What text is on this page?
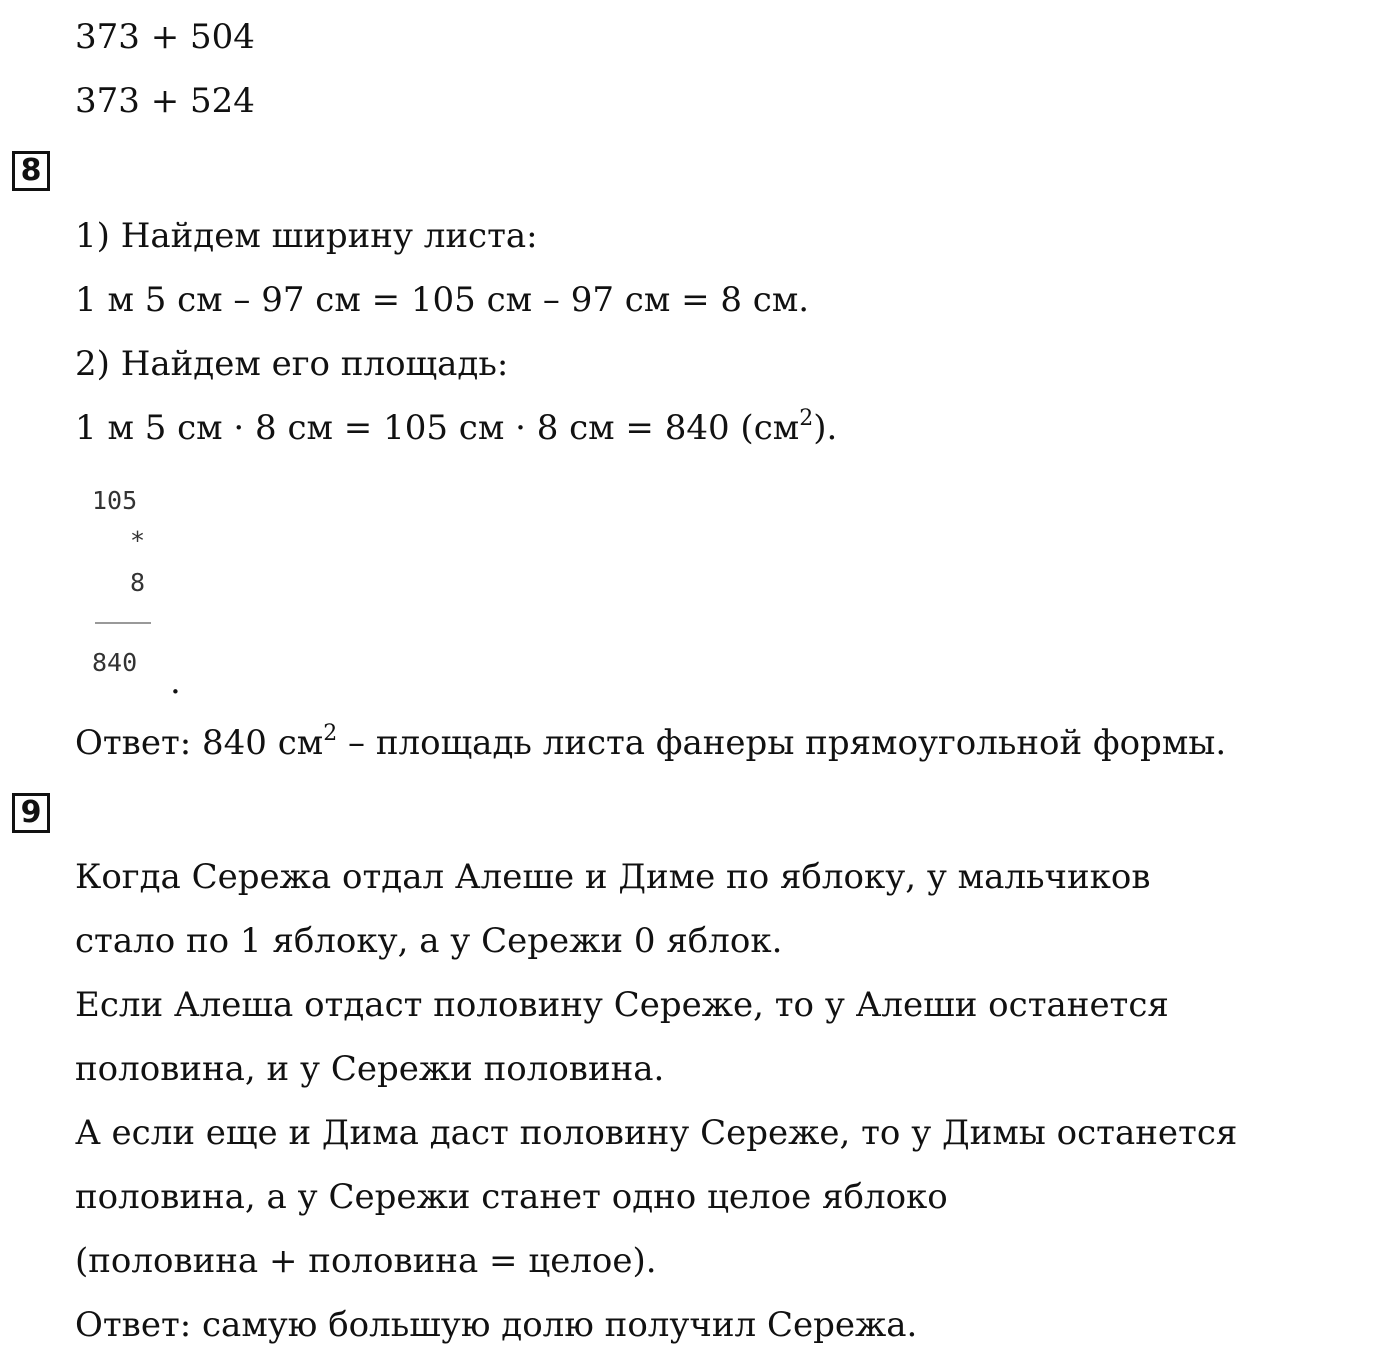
373 + 504

373 + 524

8

1) Найдем ширину листа:

1 м 5 см – 97 см = 105 см – 97 см = 8 см.

2) Найдем его площадь:

1 м 5 см · 8 см = 105 см · 8 см = 840 $(см^2)$.

105
*
8
840 .

Ответ: 840 $см^2$ – площадь листа фанеры прямоугольной формы.

9

Когда Сережа отдал Алеше и Диме по яблоку, у мальчиков

стало по 1 яблоку, а у Сережи 0 яблок.

Если Алеша отдаст половину Сереже, то у Алеши останется

половина, и у Сережи половина.

А если еще и Дима даст половину Сереже, то у Димы останется

половина, а у Сережи станет одно целое яблоко

(половина + половина = целое).

Ответ: самую большую долю получил Сережа.
